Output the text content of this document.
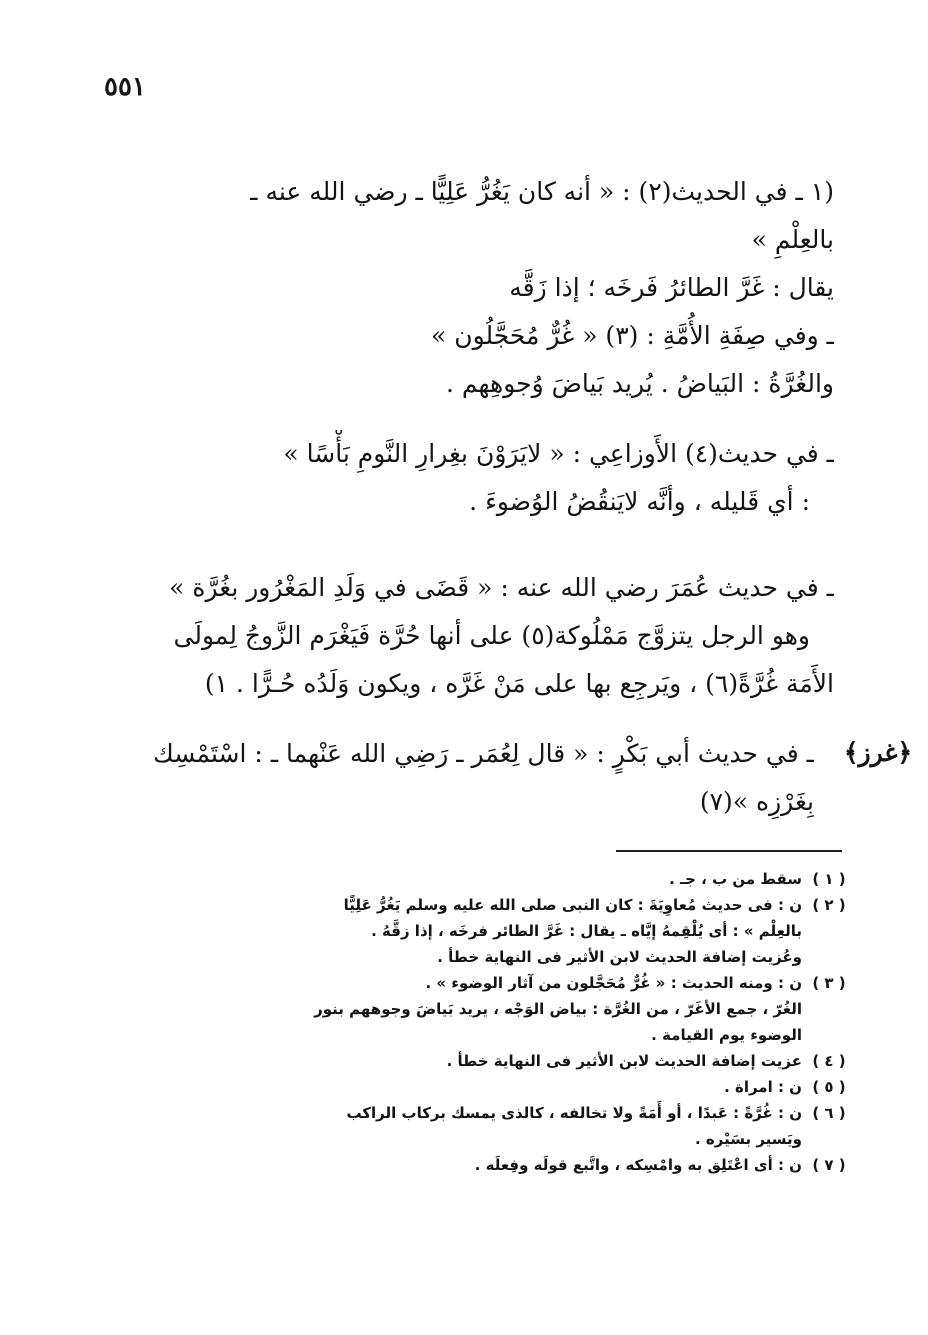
٥٥١
(١ ـ في الحديث(٢) : « أنه كان يَغُرُّ عَلِيًّا ـ رضي الله عنه ـ
بالعِلْمِ »
يقال : غَرَّ الطائرُ فَرخَه ؛ إذا زَقَّه
ـ وفي صِفَةِ الأُمَّةِ : (٣) « غُرٌّ مُحَجَّلُون »
والغُرَّةُ : البَياضُ . يُريد بَياضَ وُجوهِهم .
ـ في حديث(٤) الأَوزاعِي : « لايَرَوْنَ بغِرارِ النَّومِ بَأْسًا »
: أي قَليله ، وأنَّه لايَنقُضُ الوُضوءَ .
ـ في حديث عُمَرَ رضي الله عنه : « قَضَى في وَلَدِ المَغْرُور بغُرَّة »
وهو الرجل يتزوَّج مَمْلُوكة(٥) على أنها حُرَّة فَيَغْرَم الزَّوجُ لِمولَى
الأَمَة غُرَّةً(٦) ، ويَرجِع بها على مَنْ غَرَّه ، ويكون وَلَدُه حُـرًّا . ١)
﴿غرز﴾
ـ في حديث أبي بَكْرٍ : « قال لِعُمَر ـ رَضِي الله عَنْهما ـ : اسْتَمْسِك
بِغَرْزِه »(٧)
( ١ )
سقط من ب ، جـ .
( ٢ )
ن : فى حديث مُعاوِيَةَ : كان النبى صلى الله عليه وسلم يَغُرُّ عَلِيًّا
بالعِلْم » : أى يُلْقِمهُ إيَّاه ـ يقال : غَرَّ الطائر فرخَه ، إذا زقَّهُ .
وعُزيت إضافة الحديث لابن الأثير فى النهاية خطأ .
( ٣ )
ن : ومنه الحديث : « غُرٌّ مُحَجَّلون من آثار الوضوء » .
الغُرّ ، جمع الأغَرّ ، من الغُرَّة : بياض الوَجْه ، يريد بَياضَ وجوههم بنور
الوضوء يوم القيامة .
( ٤ )
عزيت إضافة الحديث لابن الأثير فى النهاية خطأ .
( ٥ )
ن : امراة .
( ٦ )
ن : غُرَّةً : عَبدًا ، أو أَمَةً ولا تخالفه ، كالذى يمسك بركاب الراكب
ويَسير بسَيْره .
( ٧ )
ن : أى اعْتَلِق به وامْسِكه ، واتَّبع قولَه وفِعلَه .
